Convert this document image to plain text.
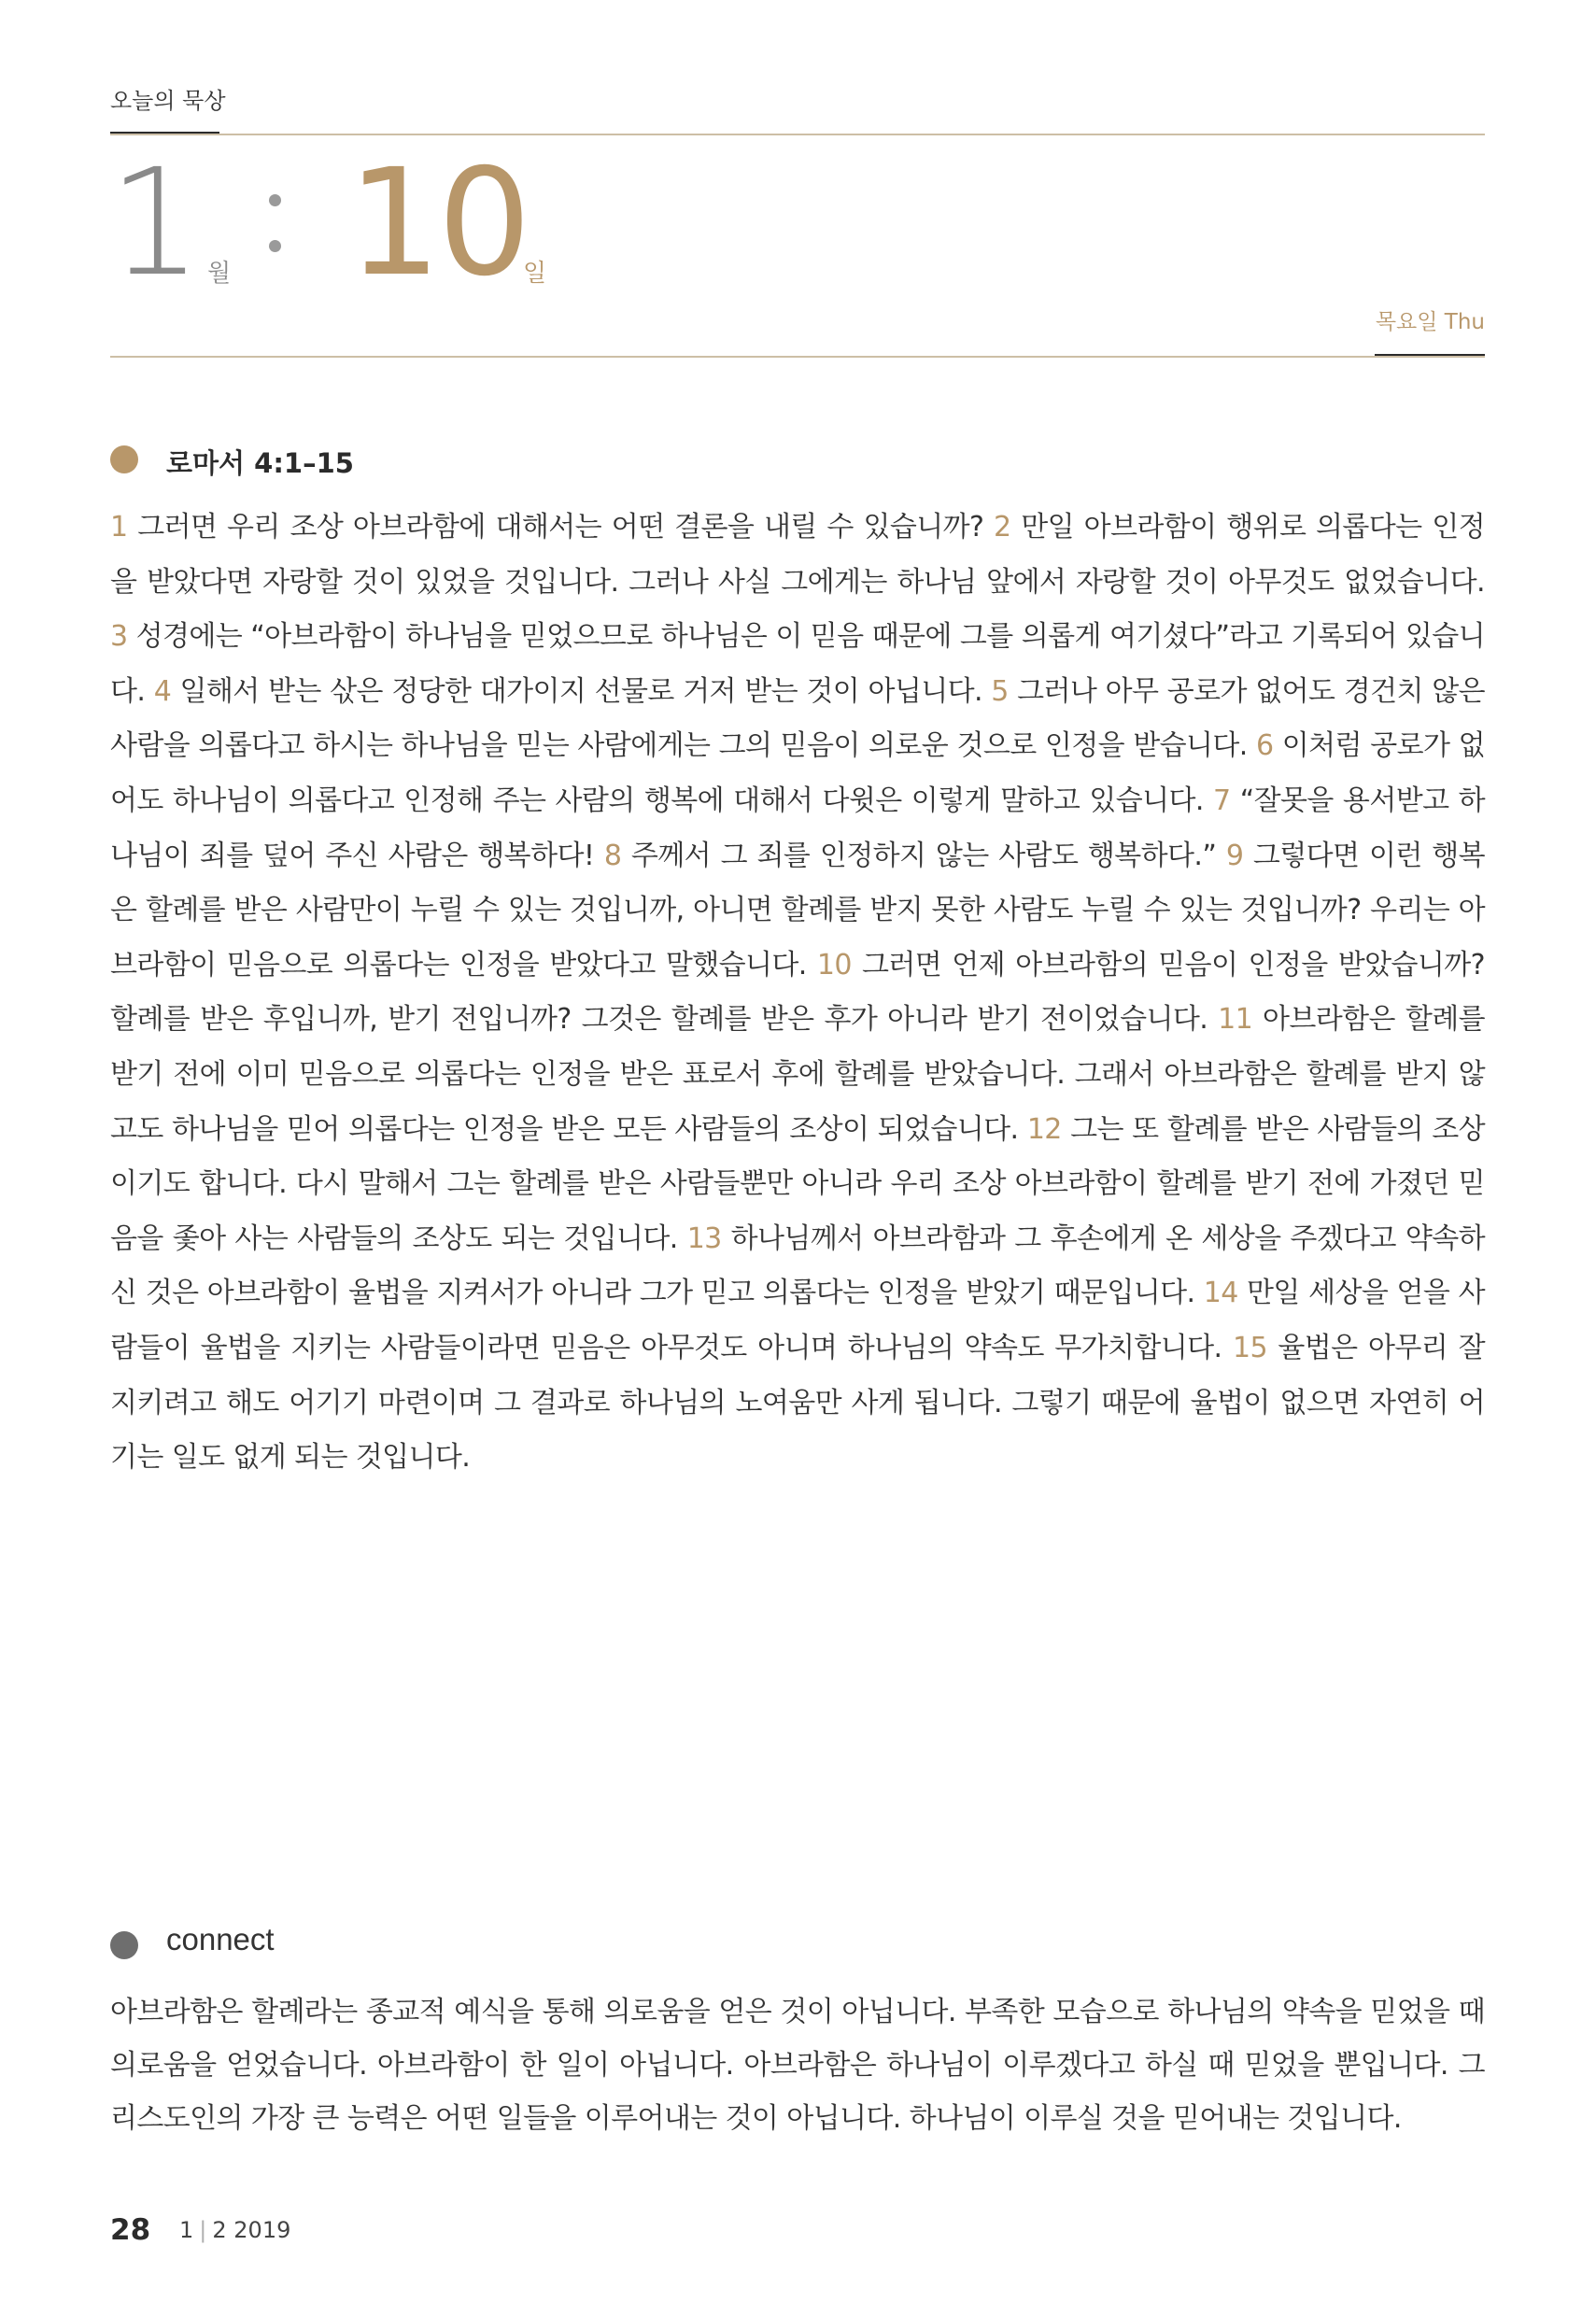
오늘의 묵상
1 월 10
일
목요일 Thu
로마서 4:1–15
1 그러면 우리 조상 아브라함에 대해서는 어떤 결론을 내릴 수 있습니까? 2 만일 아브라함이 행위로 의롭다는 인정을 받았다면 자랑할 것이 있었을 것입니다. 그러나 사실 그에게는 하나님 앞에서 자랑할 것이 아무것도 없었습니다. 3 성경에는 “아브라함이 하나님을 믿었으므로 하나님은 이 믿음 때문에 그를 의롭게 여기셨다”라고 기록되어 있습니다. 4 일해서 받는 삯은 정당한 대가이지 선물로 거저 받는 것이 아닙니다. 5 그러나 아무 공로가 없어도 경건치 않은 사람을 의롭다고 하시는 하나님을 믿는 사람에게는 그의 믿음이 의로운 것으로 인정을 받습니다. 6 이처럼 공로가 없어도 하나님이 의롭다고 인정해 주는 사람의 행복에 대해서 다윗은 이렇게 말하고 있습니다. 7 “잘못을 용서받고 하나님이 죄를 덮어 주신 사람은 행복하다! 8 주께서 그 죄를 인정하지 않는 사람도 행복하다.” 9 그렇다면 이런 행복은 할례를 받은 사람만이 누릴 수 있는 것입니까, 아니면 할례를 받지 못한 사람도 누릴 수 있는 것입니까? 우리는 아브라함이 믿음으로 의롭다는 인정을 받았다고 말했습니다. 10 그러면 언제 아브라함의 믿음이 인정을 받았습니까? 할례를 받은 후입니까, 받기 전입니까? 그것은 할례를 받은 후가 아니라 받기 전이었습니다. 11 아브라함은 할례를 받기 전에 이미 믿음으로 의롭다는 인정을 받은 표로서 후에 할례를 받았습니다. 그래서 아브라함은 할례를 받지 않고도 하나님을 믿어 의롭다는 인정을 받은 모든 사람들의 조상이 되었습니다. 12 그는 또 할례를 받은 사람들의 조상이기도 합니다. 다시 말해서 그는 할례를 받은 사람들뿐만 아니라 우리 조상 아브라함이 할례를 받기 전에 가졌던 믿음을 좇아 사는 사람들의 조상도 되는 것입니다. 13 하나님께서 아브라함과 그 후손에게 온 세상을 주겠다고 약속하신 것은 아브라함이 율법을 지켜서가 아니라 그가 믿고 의롭다는 인정을 받았기 때문입니다. 14 만일 세상을 얻을 사람들이 율법을 지키는 사람들이라면 믿음은 아무것도 아니며 하나님의 약속도 무가치합니다. 15 율법은 아무리 잘 지키려고 해도 어기기 마련이며 그 결과로 하나님의 노여움만 사게 됩니다. 그렇기 때문에 율법이 없으면 자연히 어기는 일도 없게 되는 것입니다.
connect
아브라함은 할례라는 종교적 예식을 통해 의로움을 얻은 것이 아닙니다. 부족한 모습으로 하나님의 약속을 믿었을 때 의로움을 얻었습니다. 아브라함이 한 일이 아닙니다. 아브라함은 하나님이 이루겠다고 하실 때 믿었을 뿐입니다. 그리스도인의 가장 큰 능력은 어떤 일들을 이루어내는 것이 아닙니다. 하나님이 이루실 것을 믿어내는 것입니다.
28 1 | 2 2019
